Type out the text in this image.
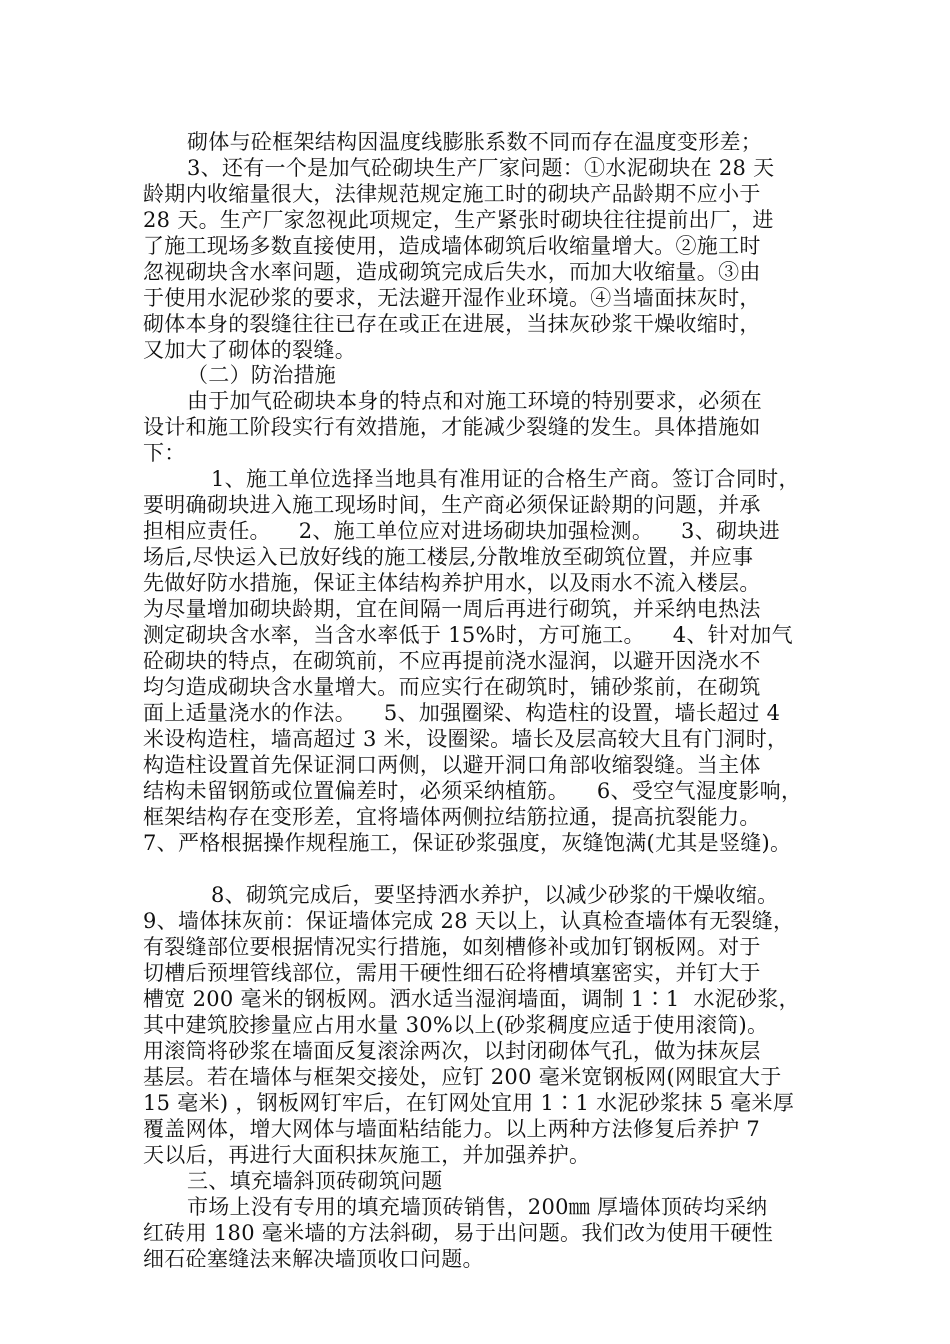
砌体与砼框架结构因温度线膨胀系数不同而存在温度变形差；
3、还有一个是加气砼砌块生产厂家问题：①水泥砌块在 28 天
龄期内收缩量很大，法律规范规定施工时的砌块产品龄期不应小于
28 天。生产厂家忽视此项规定，生产紧张时砌块往往提前出厂，进
了施工现场多数直接使用，造成墙体砌筑后收缩量增大。②施工时
忽视砌块含水率问题，造成砌筑完成后失水，而加大收缩量。③由
于使用水泥砂浆的要求，无法避开湿作业环境。④当墙面抹灰时，
砌体本身的裂缝往往已存在或正在进展，当抹灰砂浆干燥收缩时，
又加大了砌体的裂缝。
（二）防治措施
由于加气砼砌块本身的特点和对施工环境的特别要求，必须在
设计和施工阶段实行有效措施，才能减少裂缝的发生。具体措施如
下：
1、施工单位选择当地具有准用证的合格生产商。签订合同时，
要明确砌块进入施工现场时间，生产商必须保证龄期的问题，并承
担相应责任。    2、施工单位应对进场砌块加强检测。    3、砌块进
场后,尽快运入已放好线的施工楼层,分散堆放至砌筑位置，并应事
先做好防水措施，保证主体结构养护用水，以及雨水不流入楼层。
为尽量增加砌块龄期，宜在间隔一周后再进行砌筑，并采纳电热法
测定砌块含水率，当含水率低于 15%时，方可施工。    4、针对加气
砼砌块的特点，在砌筑前，不应再提前浇水湿润，以避开因浇水不
均匀造成砌块含水量增大。而应实行在砌筑时，铺砂浆前，在砌筑
面上适量浇水的作法。    5、加强圈梁、构造柱的设置，墙长超过 4
米设构造柱，墙高超过 3 米，设圈梁。墙长及层高较大且有门洞时，
构造柱设置首先保证洞口两侧，以避开洞口角部收缩裂缝。当主体
结构未留钢筋或位置偏差时，必须采纳植筋。    6、受空气湿度影响，
框架结构存在变形差，宜将墙体两侧拉结筋拉通，提高抗裂能力。
7、严格根据操作规程施工，保证砂浆强度，灰缝饱满(尤其是竖缝)。
8、砌筑完成后，要坚持洒水养护，以减少砂浆的干燥收缩。
9、墙体抹灰前：保证墙体完成 28 天以上，认真检查墙体有无裂缝，
有裂缝部位要根据情况实行措施，如刻槽修补或加钉钢板网。对于
切槽后预埋管线部位，需用干硬性细石砼将槽填塞密实，并钉大于
槽宽 200 毫米的钢板网。洒水适当湿润墙面，调制 1∶1  水泥砂浆，
其中建筑胶掺量应占用水量 30%以上(砂浆稠度应适于使用滚筒)。
用滚筒将砂浆在墙面反复滚涂两次，以封闭砌体气孔，做为抹灰层
基层。若在墙体与框架交接处，应钉 200 毫米宽钢板网(网眼宜大于
15 毫米) ，钢板网钉牢后，在钉网处宜用 1∶1 水泥砂浆抹 5 毫米厚
覆盖网体，增大网体与墙面粘结能力。以上两种方法修复后养护 7
天以后，再进行大面积抹灰施工，并加强养护。
三、填充墙斜顶砖砌筑问题
市场上没有专用的填充墙顶砖销售，200㎜ 厚墙体顶砖均采纳
红砖用 180 毫米墙的方法斜砌，易于出问题。我们改为使用干硬性
细石砼塞缝法来解决墙顶收口问题。
